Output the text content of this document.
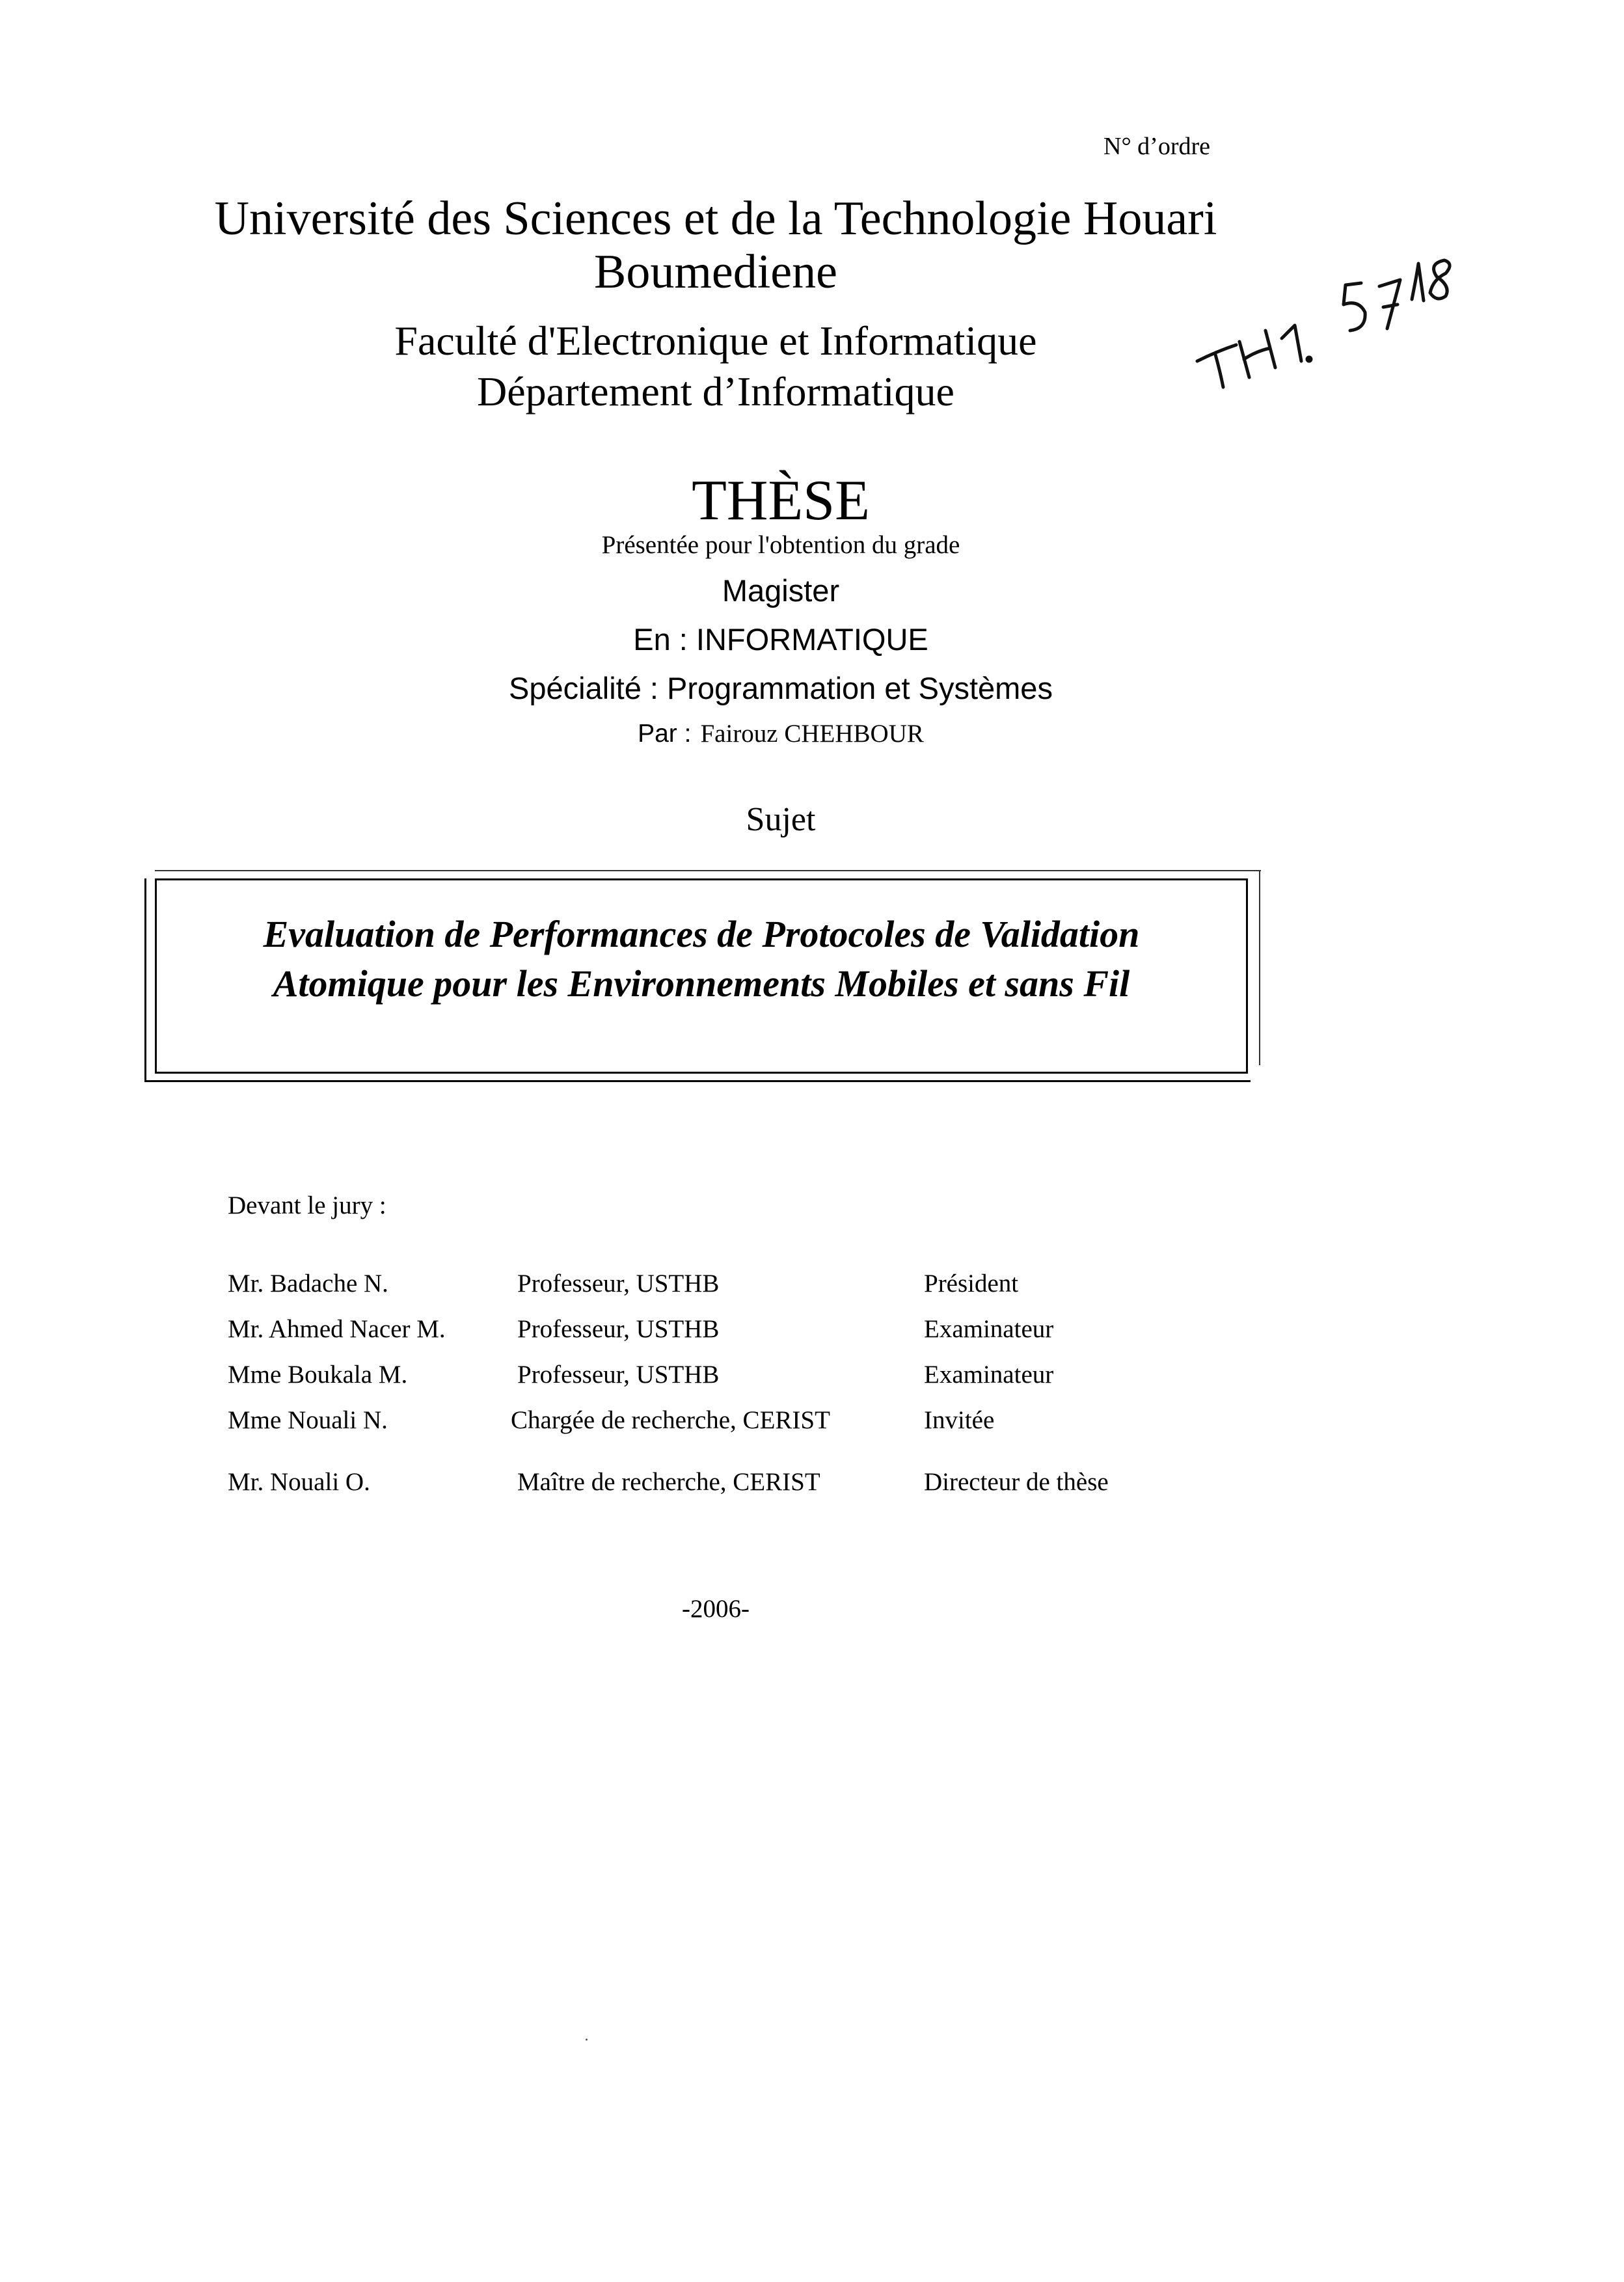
N° d’ordre
Université des Sciences et de la Technologie Houari
Boumediene
Faculté d'Electronique et Informatique
Département d’Informatique
THÈSE
Présentée pour l'obtention du grade
Magister
En : INFORMATIQUE
Spécialité : Programmation et Systèmes
Par : Fairouz CHEHBOUR
Sujet
Evaluation de Performances de Protocoles de Validation
Atomique pour les Environnements Mobiles et sans Fil
Devant le jury :
Mr. Badache N.	Professeur, USTHB	Président
Mr. Ahmed Nacer M.	Professeur, USTHB	Examinateur
Mme Boukala M.	Professeur, USTHB	Examinateur
Mme Nouali N.	Chargée de recherche, CERIST	Invitée
Mr. Nouali O.	Maître de recherche, CERIST	Directeur de thèse
-2006-
